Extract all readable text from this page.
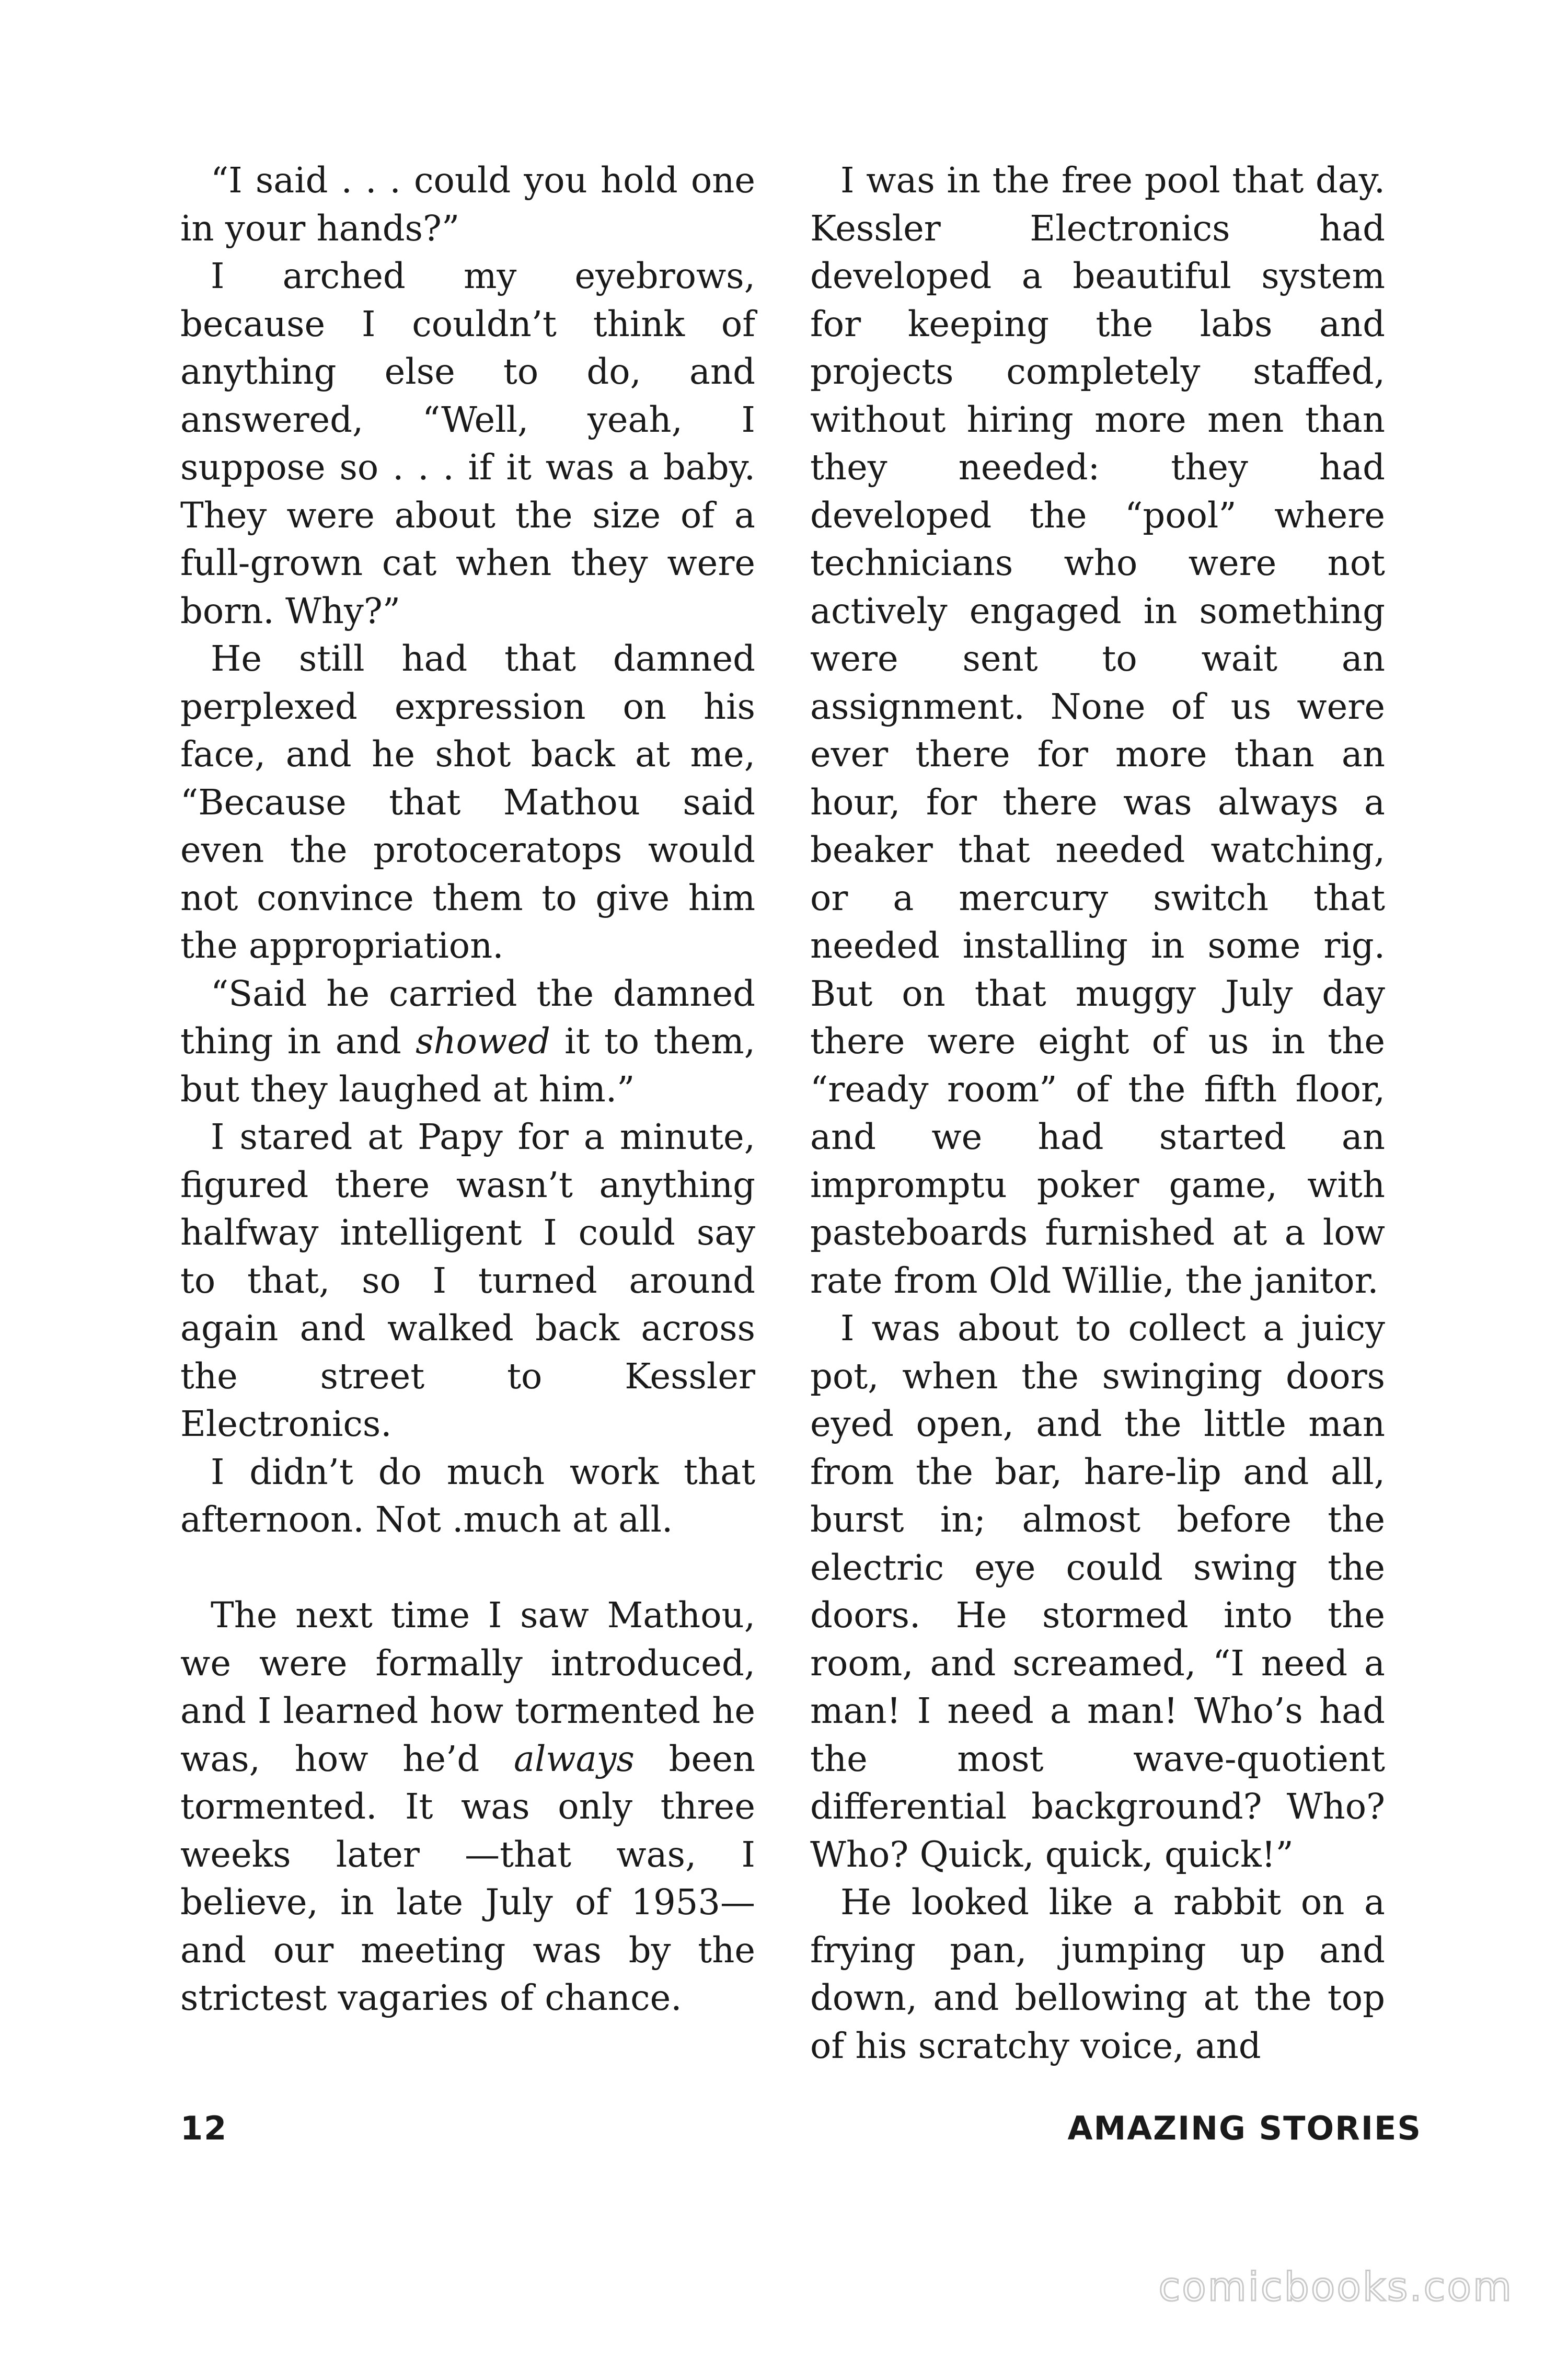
“I said . . . could you hold one in your hands?”

I arched my eyebrows, because I couldn’t think of anything else to do, and answered, “Well, yeah, I suppose so . . . if it was a baby. They were about the size of a full-grown cat when they were born. Why?”

He still had that damned perplexed expression on his face, and he shot back at me, “Because that Mathou said even the protoceratops would not convince them to give him the appropriation.

“Said he carried the damned thing in and showed it to them, but they laughed at him.”

I stared at Papy for a minute, figured there wasn’t anything halfway intelligent I could say to that, so I turned around again and walked back across the street to Kessler Electronics.

I didn’t do much work that afternoon. Not .much at all.

The next time I saw Mathou, we were formally introduced, and I learned how tormented he was, how he’d always been tormented. It was only three weeks later —that was, I believe, in late July of 1953—and our meeting was by the strictest vagaries of chance.

I was in the free pool that day. Kessler Electronics had developed a beautiful system for keeping the labs and projects completely staffed, without hiring more men than they needed: they had developed the “pool” where technicians who were not actively engaged in something were sent to wait an assignment. None of us were ever there for more than an hour, for there was always a beaker that needed watching, or a mercury switch that needed installing in some rig. But on that muggy July day there were eight of us in the “ready room” of the fifth floor, and we had started an impromptu poker game, with pasteboards furnished at a low rate from Old Willie, the janitor.

I was about to collect a juicy pot, when the swinging doors eyed open, and the little man from the bar, hare-lip and all, burst in; almost before the electric eye could swing the doors. He stormed into the room, and screamed, “I need a man! I need a man! Who’s had the most wave-quotient differential background? Who? Who? Quick, quick, quick!”

He looked like a rabbit on a frying pan, jumping up and down, and bellowing at the top of his scratchy voice, and

12	AMAZING STORIES
comicbooks.com
